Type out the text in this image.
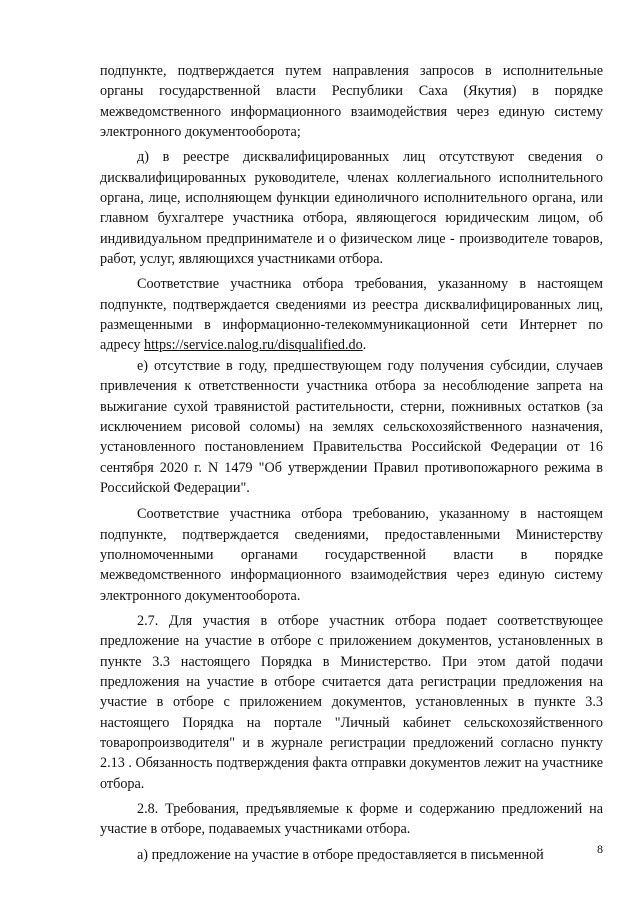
подпункте, подтверждается путем направления запросов в исполнительные органы государственной власти Республики Саха (Якутия) в порядке межведомственного информационного взаимодействия через единую систему электронного документооборота;

д) в реестре дисквалифицированных лиц отсутствуют сведения о дисквалифицированных руководителе, членах коллегиального исполнительного органа, лице, исполняющем функции единоличного исполнительного органа, или главном бухгалтере участника отбора, являющегося юридическим лицом, об индивидуальном предпринимателе и о физическом лице - производителе товаров, работ, услуг, являющихся участниками отбора.

Соответствие участника отбора требования, указанному в настоящем подпункте, подтверждается сведениями из реестра дисквалифицированных лиц, размещенными в информационно-телекоммуникационной сети Интернет по адресу https://service.nalog.ru/disqualified.do.

е) отсутствие в году, предшествующем году получения субсидии, случаев привлечения к ответственности участника отбора за несоблюдение запрета на выжигание сухой травянистой растительности, стерни, пожнивных остатков (за исключением рисовой соломы) на землях сельскохозяйственного назначения, установленного постановлением Правительства Российской Федерации от 16 сентября 2020 г. N 1479 "Об утверждении Правил противопожарного режима в Российской Федерации".

Соответствие участника отбора требованию, указанному в настоящем подпункте, подтверждается сведениями, предоставленными Министерству уполномоченными органами государственной власти в порядке межведомственного информационного взаимодействия через единую систему электронного документооборота.

2.7. Для участия в отборе участник отбора подает соответствующее предложение на участие в отборе с приложением документов, установленных в пункте 3.3 настоящего Порядка в Министерство. При этом датой подачи предложения на участие в отборе считается дата регистрации предложения на участие в отборе с приложением документов, установленных в пункте 3.3 настоящего Порядка на портале "Личный кабинет сельскохозяйственного товаропроизводителя" и в журнале регистрации предложений согласно пункту 2.13 . Обязанность подтверждения факта отправки документов лежит на участнике отбора.

2.8. Требования, предъявляемые к форме и содержанию предложений на участие в отборе, подаваемых участниками отбора.

а) предложение на участие в отборе предоставляется в письменной	8
